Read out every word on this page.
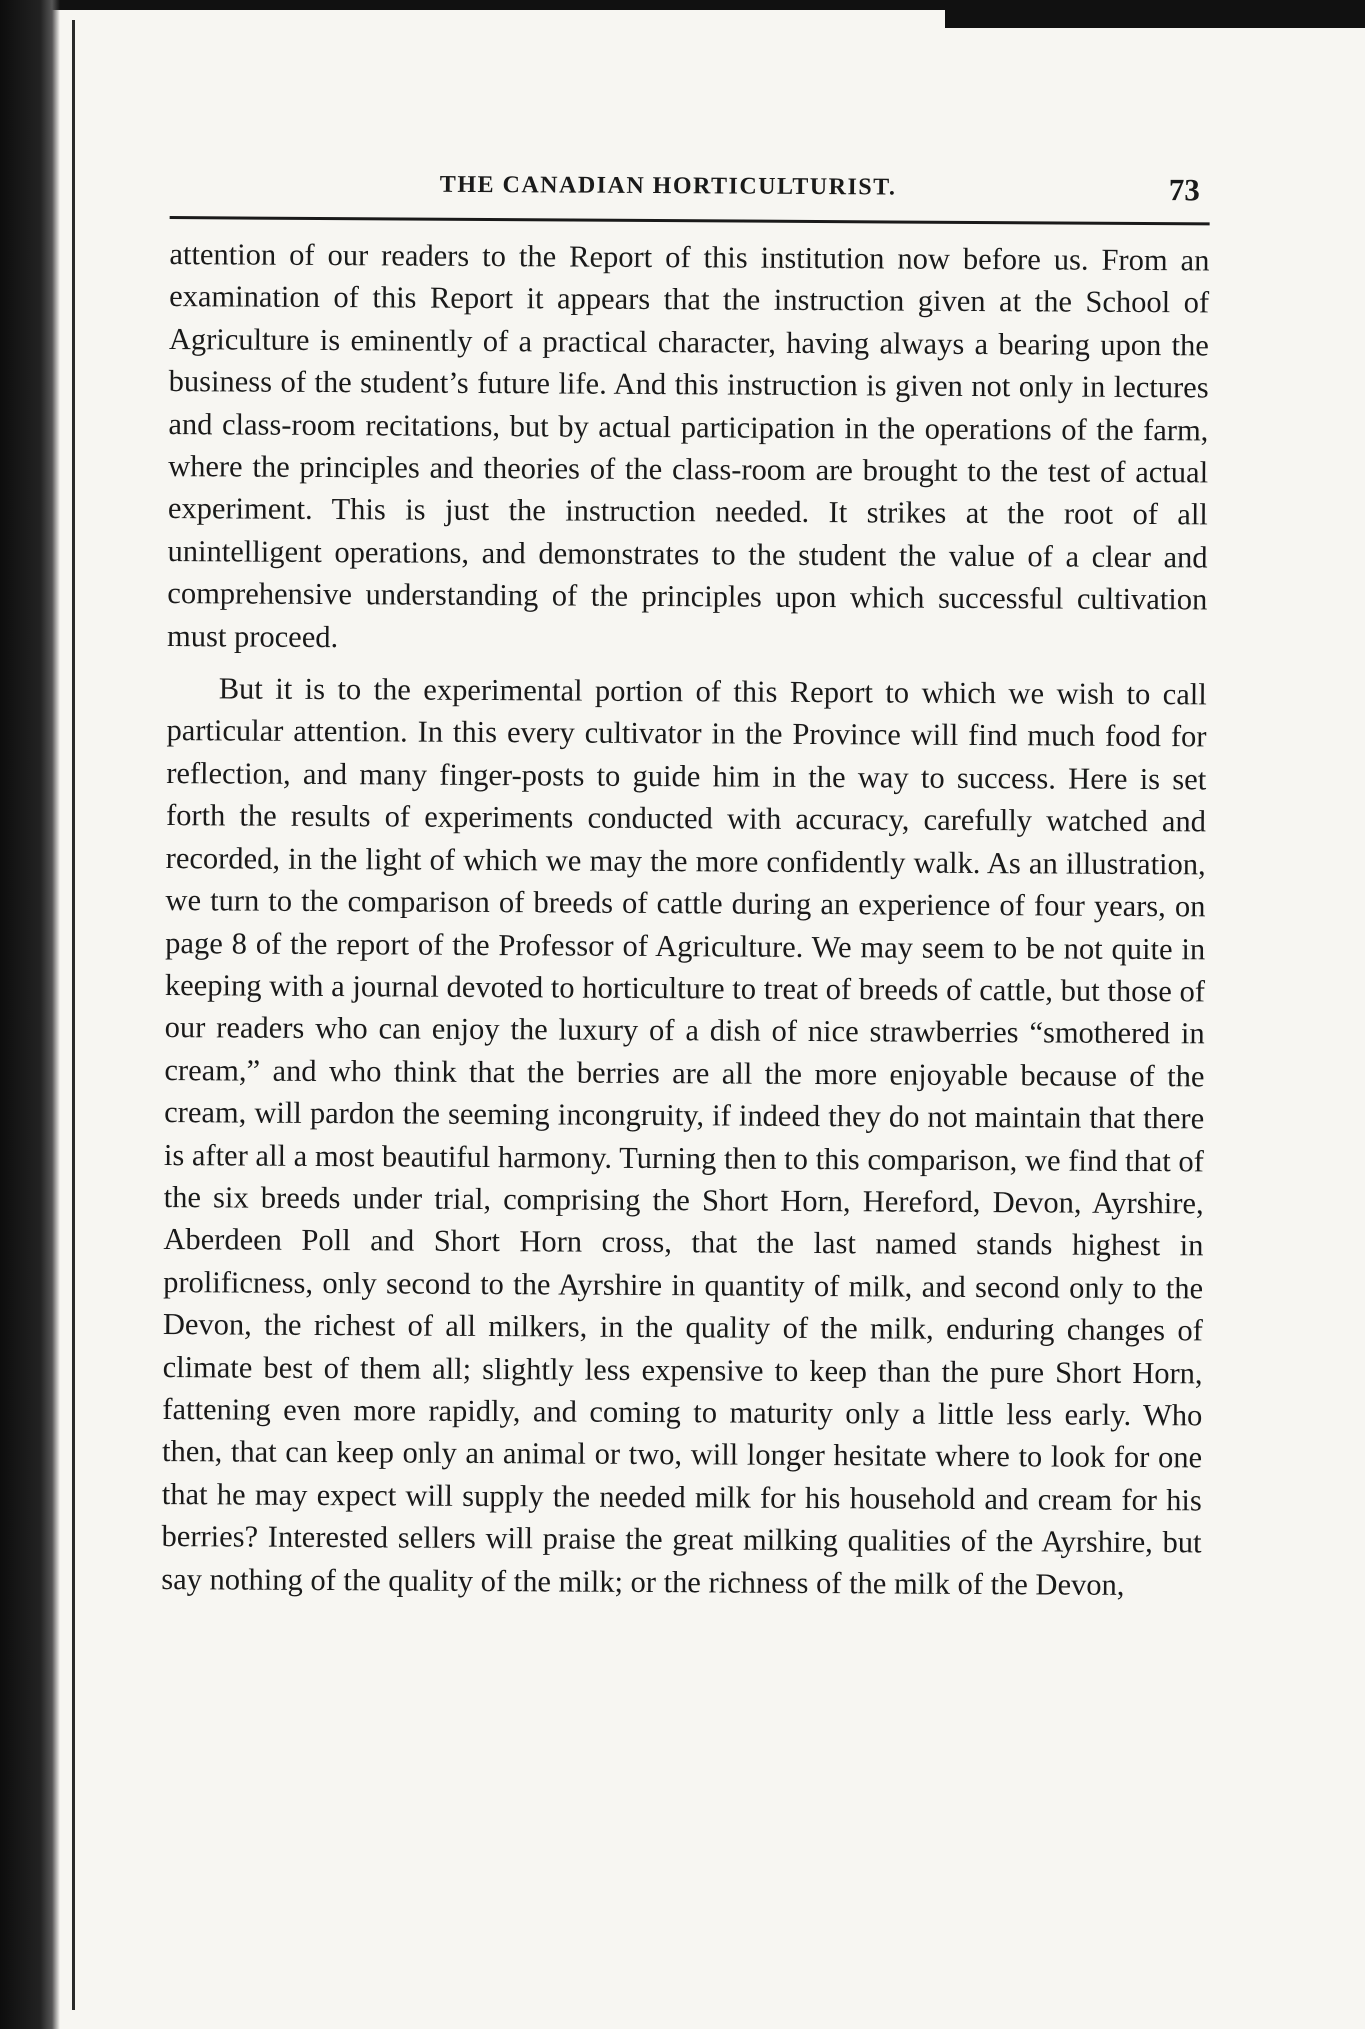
THE CANADIAN HORTICULTURIST.	73

attention of our readers to the Report of this institution now before us. From an examination of this Report it appears that the instruction given at the School of Agriculture is eminently of a practical character, having always a bearing upon the business of the student’s future life. And this instruction is given not only in lectures and class-room recitations, but by actual participation in the operations of the farm, where the principles and theories of the class-room are brought to the test of actual experiment. This is just the instruction needed. It strikes at the root of all unintelligent operations, and demonstrates to the student the value of a clear and comprehensive understanding of the principles upon which successful cultivation must proceed.

But it is to the experimental portion of this Report to which we wish to call particular attention. In this every cultivator in the Province will find much food for reflection, and many finger-posts to guide him in the way to success. Here is set forth the results of experiments conducted with accuracy, carefully watched and recorded, in the light of which we may the more confidently walk. As an illustration, we turn to the comparison of breeds of cattle during an experience of four years, on page 8 of the report of the Professor of Agriculture. We may seem to be not quite in keeping with a journal devoted to horticulture to treat of breeds of cattle, but those of our readers who can enjoy the luxury of a dish of nice strawberries “smothered in cream,” and who think that the berries are all the more enjoyable because of the cream, will pardon the seeming incongruity, if indeed they do not maintain that there is after all a most beautiful harmony. Turning then to this comparison, we find that of the six breeds under trial, comprising the Short Horn, Hereford, Devon, Ayrshire, Aberdeen Poll and Short Horn cross, that the last named stands highest in prolificness, only second to the Ayrshire in quantity of milk, and second only to the Devon, the richest of all milkers, in the quality of the milk, enduring changes of climate best of them all; slightly less expensive to keep than the pure Short Horn, fattening even more rapidly, and coming to maturity only a little less early. Who then, that can keep only an animal or two, will longer hesitate where to look for one that he may expect will supply the needed milk for his household and cream for his berries? Interested sellers will praise the great milking qualities of the Ayrshire, but say nothing of the quality of the milk; or the richness of the milk of the Devon,
